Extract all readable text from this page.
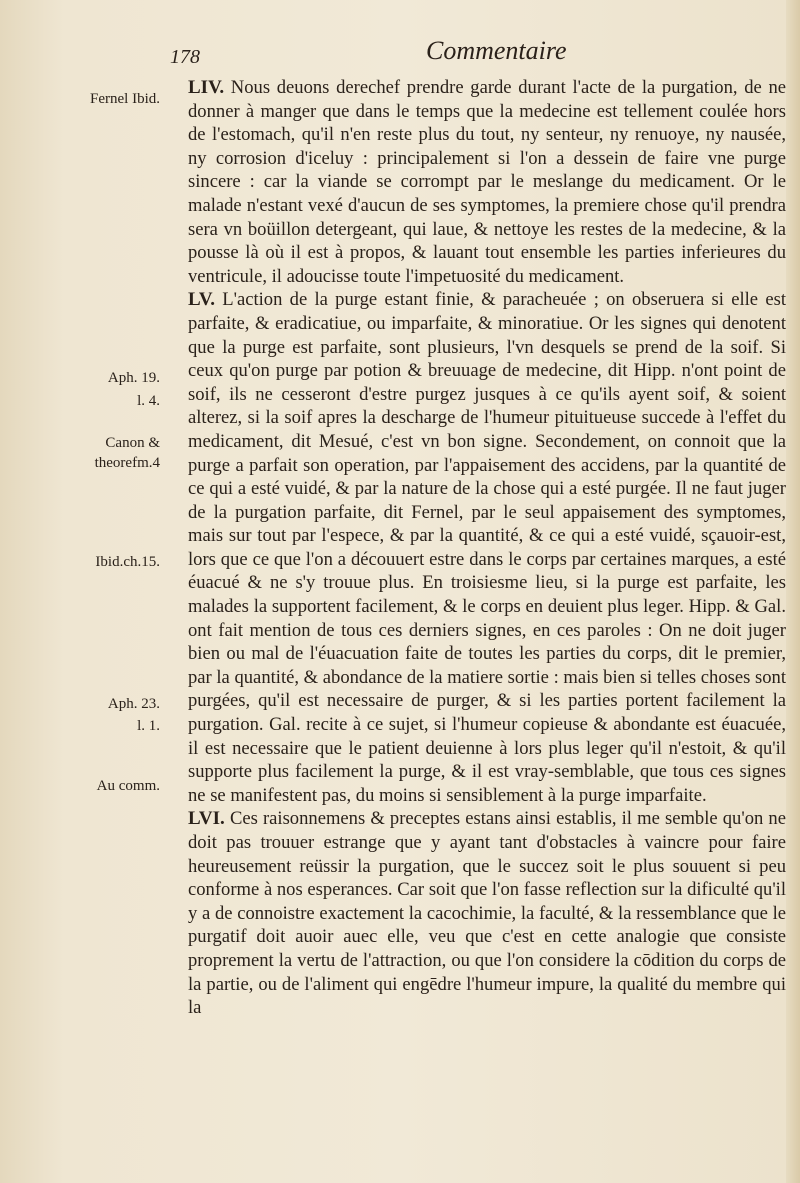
178	Commentaire
Fernel Ibid.
Aph. 19.
l. 4.
Canon &
theorefm.4
Ibid.ch.15.
Aph. 23.
l. 1.
Au comm.

LIV. Nous deuons derechef prendre garde durant l'acte de la purgation, de ne donner à manger que dans le temps que la medecine est tellement coulée hors de l'estomach, qu'il n'en reste plus du tout, ny senteur, ny renuoye, ny nausée, ny corrosion d'iceluy : principalement si l'on a dessein de faire vne purge sincere : car la viande se corrompt par le meslange du medicament. Or le malade n'estant vexé d'aucun de ses symptomes, la premiere chose qu'il prendra sera vn boüillon detergeant, qui laue, & nettoye les restes de la medecine, & la pousse là où il est à propos, & lauant tout ensemble les parties inferieures du ventricule, il adoucisse toute l'impetuosité du medicament.

LV. L'action de la purge estant finie, & paracheuée ; on obseruera si elle est parfaite, & eradicatiue, ou imparfaite, & minoratiue. Or les signes qui denotent que la purge est parfaite, sont plusieurs, l'vn desquels se prend de la soif. Si ceux qu'on purge par potion & breuuage de medecine, dit Hipp. n'ont point de soif, ils ne cesseront d'estre purgez jusques à ce qu'ils ayent soif, & soient alterez, si la soif apres la descharge de l'humeur pituitueuse succede à l'effet du medicament, dit Mesué, c'est vn bon signe. Secondement, on connoit que la purge a parfait son operation, par l'appaisement des accidens, par la quantité de ce qui a esté vuidé, & par la nature de la chose qui a esté purgée. Il ne faut juger de la purgation parfaite, dit Fernel, par le seul appaisement des symptomes, mais sur tout par l'espece, & par la quantité, & ce qui a esté vuidé, sçauoir-est, lors que ce que l'on a découuert estre dans le corps par certaines marques, a esté éuacué & ne s'y trouue plus. En troisiesme lieu, si la purge est parfaite, les malades la supportent facilement, & le corps en deuient plus leger. Hipp. & Gal. ont fait mention de tous ces derniers signes, en ces paroles : On ne doit juger bien ou mal de l'éuacuation faite de toutes les parties du corps, dit le premier, par la quantité, & abondance de la matiere sortie : mais bien si telles choses sont purgées, qu'il est necessaire de purger, & si les parties portent facilement la purgation. Gal. recite à ce sujet, si l'humeur copieuse & abondante est éuacuée, il est necessaire que le patient deuienne à lors plus leger qu'il n'estoit, & qu'il supporte plus facilement la purge, & il est vray-semblable, que tous ces signes ne se manifestent pas, du moins si sensiblement à la purge imparfaite.

LVI. Ces raisonnemens & preceptes estans ainsi establis, il me semble qu'on ne doit pas trouuer estrange que y ayant tant d'obstacles à vaincre pour faire heureusement reüssir la purgation, que le succez soit le plus souuent si peu conforme à nos esperances. Car soit que l'on fasse reflection sur la dificulté qu'il y a de connoistre exactement la cacochimie, la faculté, & la ressemblance que le purgatif doit auoir auec elle, veu que c'est en cette analogie que consiste proprement la vertu de l'attraction, ou que l'on considere la cōdition du corps de la partie, ou de l'aliment qui engēdre l'humeur impure, la qualité du membre qui la
